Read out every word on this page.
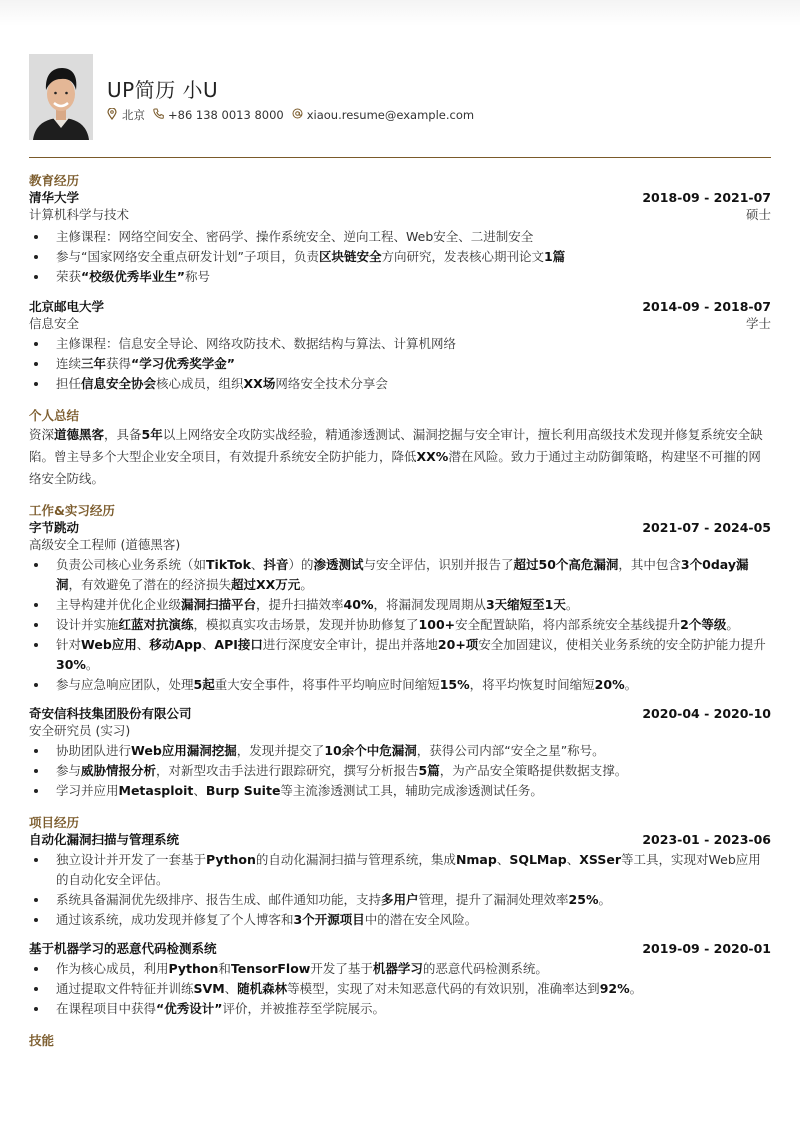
UP简历 小U
北京 +86 138 0013 8000 xiaou.resume@example.com
教育经历
清华大学	2018-09 - 2021-07
计算机科学与技术	硕士
主修课程：网络空间安全、密码学、操作系统安全、逆向工程、Web安全、二进制安全
参与“国家网络安全重点研发计划”子项目，负责区块链安全方向研究，发表核心期刊论文1篇
荣获“校级优秀毕业生”称号
北京邮电大学	2014-09 - 2018-07
信息安全	学士
主修课程：信息安全导论、网络攻防技术、数据结构与算法、计算机网络
连续三年获得“学习优秀奖学金”
担任信息安全协会核心成员，组织XX场网络安全技术分享会
个人总结
资深道德黑客，具备5年以上网络安全攻防实战经验，精通渗透测试、漏洞挖掘与安全审计，擅长利用高级技术发现并修复系统安全缺陷。曾主导多个大型企业安全项目，有效提升系统安全防护能力，降低XX%潜在风险。致力于通过主动防御策略，构建坚不可摧的网络安全防线。
工作&实习经历
字节跳动	2021-07 - 2024-05
高级安全工程师 (道德黑客)
负责公司核心业务系统（如TikTok、抖音）的渗透测试与安全评估，识别并报告了超过50个高危漏洞，其中包含3个0day漏洞，有效避免了潜在的经济损失超过XX万元。
主导构建并优化企业级漏洞扫描平台，提升扫描效率40%，将漏洞发现周期从3天缩短至1天。
设计并实施红蓝对抗演练，模拟真实攻击场景，发现并协助修复了100+安全配置缺陷，将内部系统安全基线提升2个等级。
针对Web应用、移动App、API接口进行深度安全审计，提出并落地20+项安全加固建议，使相关业务系统的安全防护能力提升30%。
参与应急响应团队，处理5起重大安全事件，将事件平均响应时间缩短15%，将平均恢复时间缩短20%。
奇安信科技集团股份有限公司	2020-04 - 2020-10
安全研究员 (实习)
协助团队进行Web应用漏洞挖掘，发现并提交了10余个中危漏洞，获得公司内部“安全之星”称号。
参与威胁情报分析，对新型攻击手法进行跟踪研究，撰写分析报告5篇，为产品安全策略提供数据支撑。
学习并应用Metasploit、Burp Suite等主流渗透测试工具，辅助完成渗透测试任务。
项目经历
自动化漏洞扫描与管理系统	2023-01 - 2023-06
独立设计并开发了一套基于Python的自动化漏洞扫描与管理系统，集成Nmap、SQLMap、XSSer等工具，实现对Web应用的自动化安全评估。
系统具备漏洞优先级排序、报告生成、邮件通知功能，支持多用户管理，提升了漏洞处理效率25%。
通过该系统，成功发现并修复了个人博客和3个开源项目中的潜在安全风险。
基于机器学习的恶意代码检测系统	2019-09 - 2020-01
作为核心成员，利用Python和TensorFlow开发了基于机器学习的恶意代码检测系统。
通过提取文件特征并训练SVM、随机森林等模型，实现了对未知恶意代码的有效识别，准确率达到92%。
在课程项目中获得“优秀设计”评价，并被推荐至学院展示。
技能
